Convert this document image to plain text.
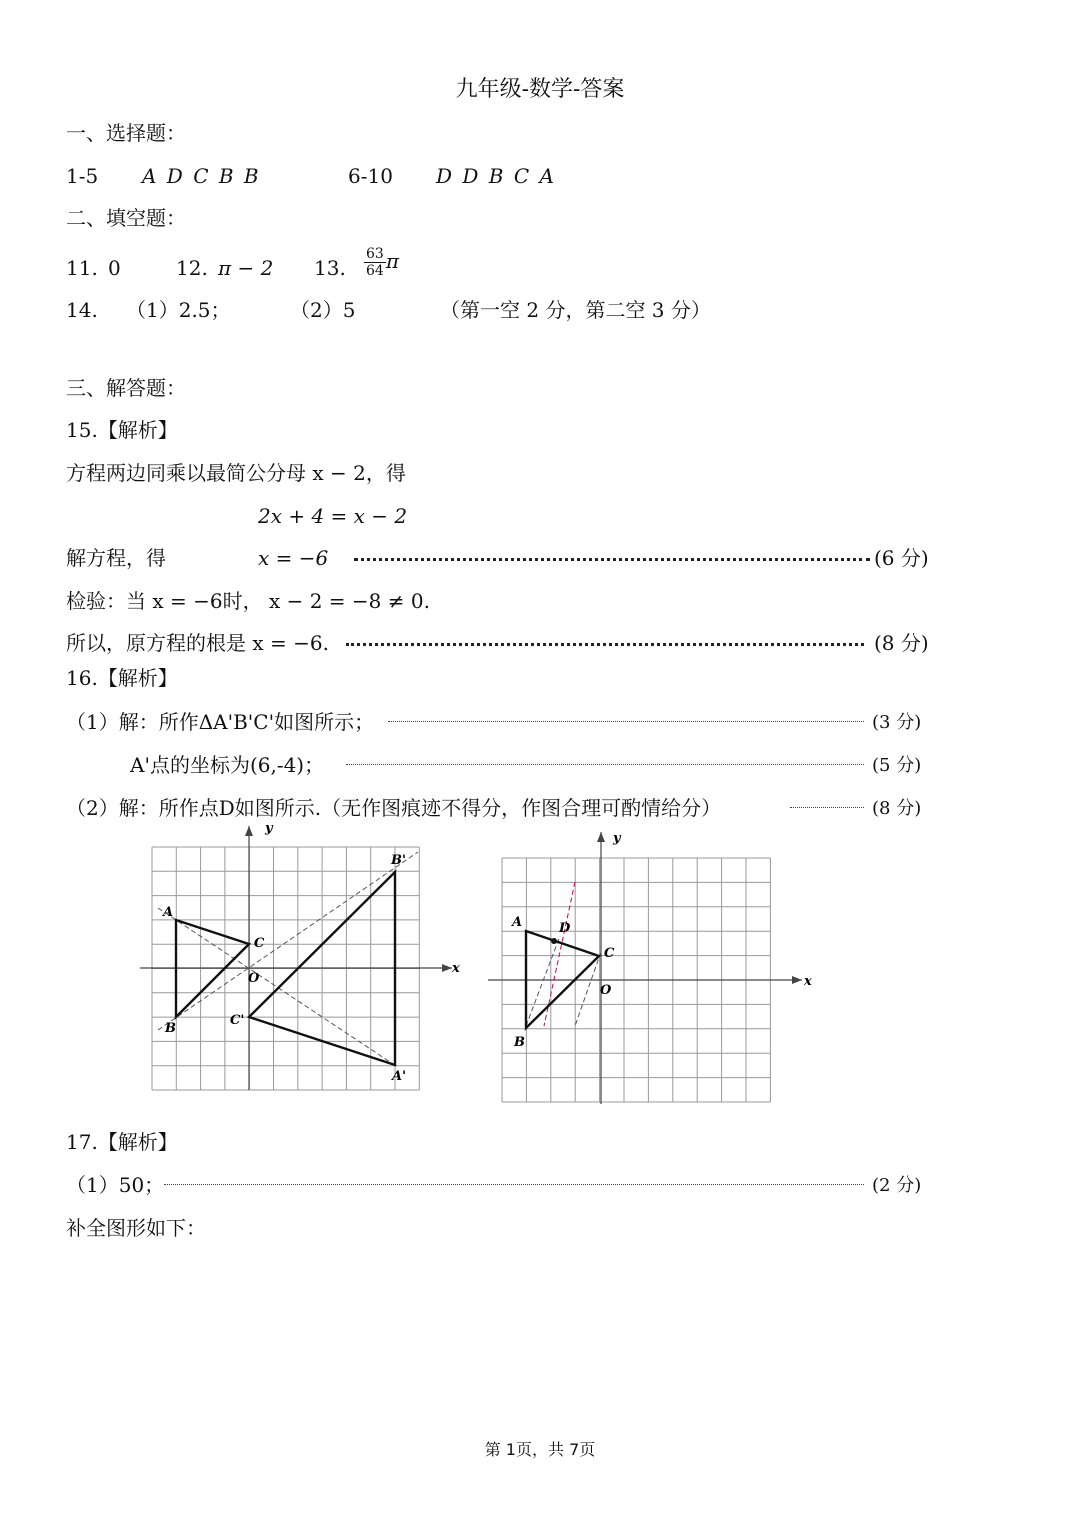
九年级-数学-答案
一、选择题：
1-5 A D C B B	6-10 D D B C A
二、填空题：
11. 0	12. π − 2 13. $\frac{63}{64}$ π
14. （1）2.5；	（2）5	（第一空 2 分，第二空 3 分）
三、解答题：
15.【解析】
方程两边同乘以最简公分母 x − 2，得
2x + 4 = x − 2
解方程，得	x = −6	(6 分)
检验：当 x = −6时， x − 2 = −8 ≠ 0.
所以，原方程的根是 x = −6.	(8 分)
16.【解析】
（1）解：所作ΔA'B'C'如图所示；	(3 分)
A'点的坐标为(6,-4)；	(5 分)
（2）解：所作点D如图所示.（无作图痕迹不得分，作图合理可酌情给分）	(8 分)
y
x
A
B
C
O
B'
C'
A'
y
x
A
B
C
D
O
17.【解析】
（1）50；	(2 分)
补全图形如下：
第 1页，共 7页
